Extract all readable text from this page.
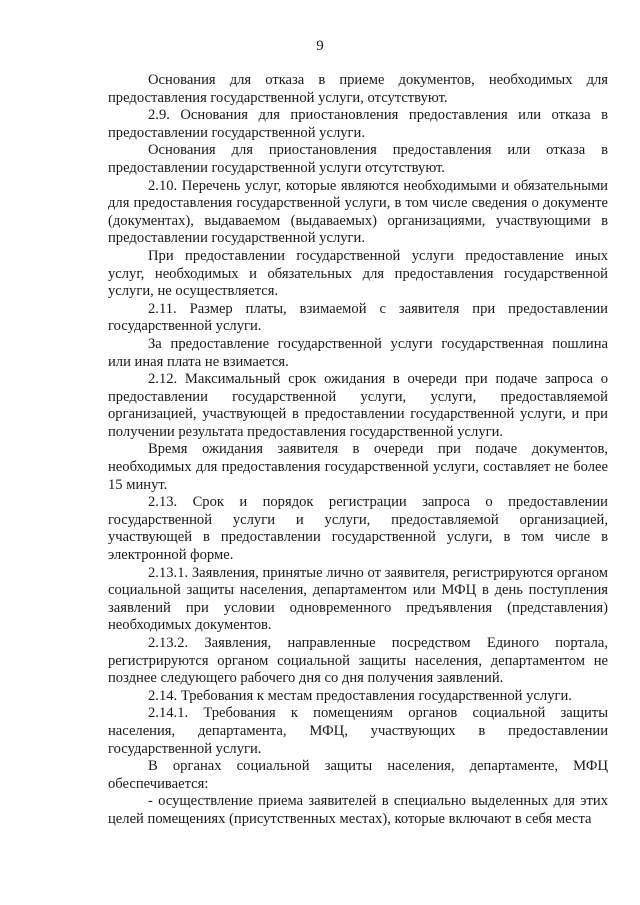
9

Основания для отказа в приеме документов, необходимых для предоставления государственной услуги, отсутствуют.

2.9. Основания для приостановления предоставления или отказа в предоставлении государственной услуги.

Основания для приостановления предоставления или отказа в предоставлении государственной услуги отсутствуют.

2.10. Перечень услуг, которые являются необходимыми и обязательными для предоставления государственной услуги, в том числе сведения о документе (документах), выдаваемом (выдаваемых) организациями, участвующими в предоставлении государственной услуги.

При предоставлении государственной услуги предоставление иных услуг, необходимых и обязательных для предоставления государственной услуги, не осуществляется.

2.11. Размер платы, взимаемой с заявителя при предоставлении государственной услуги.

За предоставление государственной услуги государственная пошлина или иная плата не взимается.

2.12. Максимальный срок ожидания в очереди при подаче запроса о предоставлении государственной услуги, услуги, предоставляемой организацией, участвующей в предоставлении государственной услуги, и при получении результата предоставления государственной услуги.

Время ожидания заявителя в очереди при подаче документов, необходимых для предоставления государственной услуги, составляет не более 15 минут.

2.13. Срок и порядок регистрации запроса о предоставлении государственной услуги и услуги, предоставляемой организацией, участвующей в предоставлении государственной услуги, в том числе в электронной форме.

2.13.1. Заявления, принятые лично от заявителя, регистрируются органом социальной защиты населения, департаментом или МФЦ в день поступления заявлений при условии одновременного предъявления (представления) необходимых документов.

2.13.2. Заявления, направленные посредством Единого портала, регистрируются органом социальной защиты населения, департаментом не позднее следующего рабочего дня со дня получения заявлений.

2.14. Требования к местам предоставления государственной услуги.

2.14.1. Требования к помещениям органов социальной защиты населения, департамента, МФЦ, участвующих в предоставлении государственной услуги.

В органах социальной защиты населения, департаменте, МФЦ обеспечивается:

- осуществление приема заявителей в специально выделенных для этих целей помещениях (присутственных местах), которые включают в себя места
